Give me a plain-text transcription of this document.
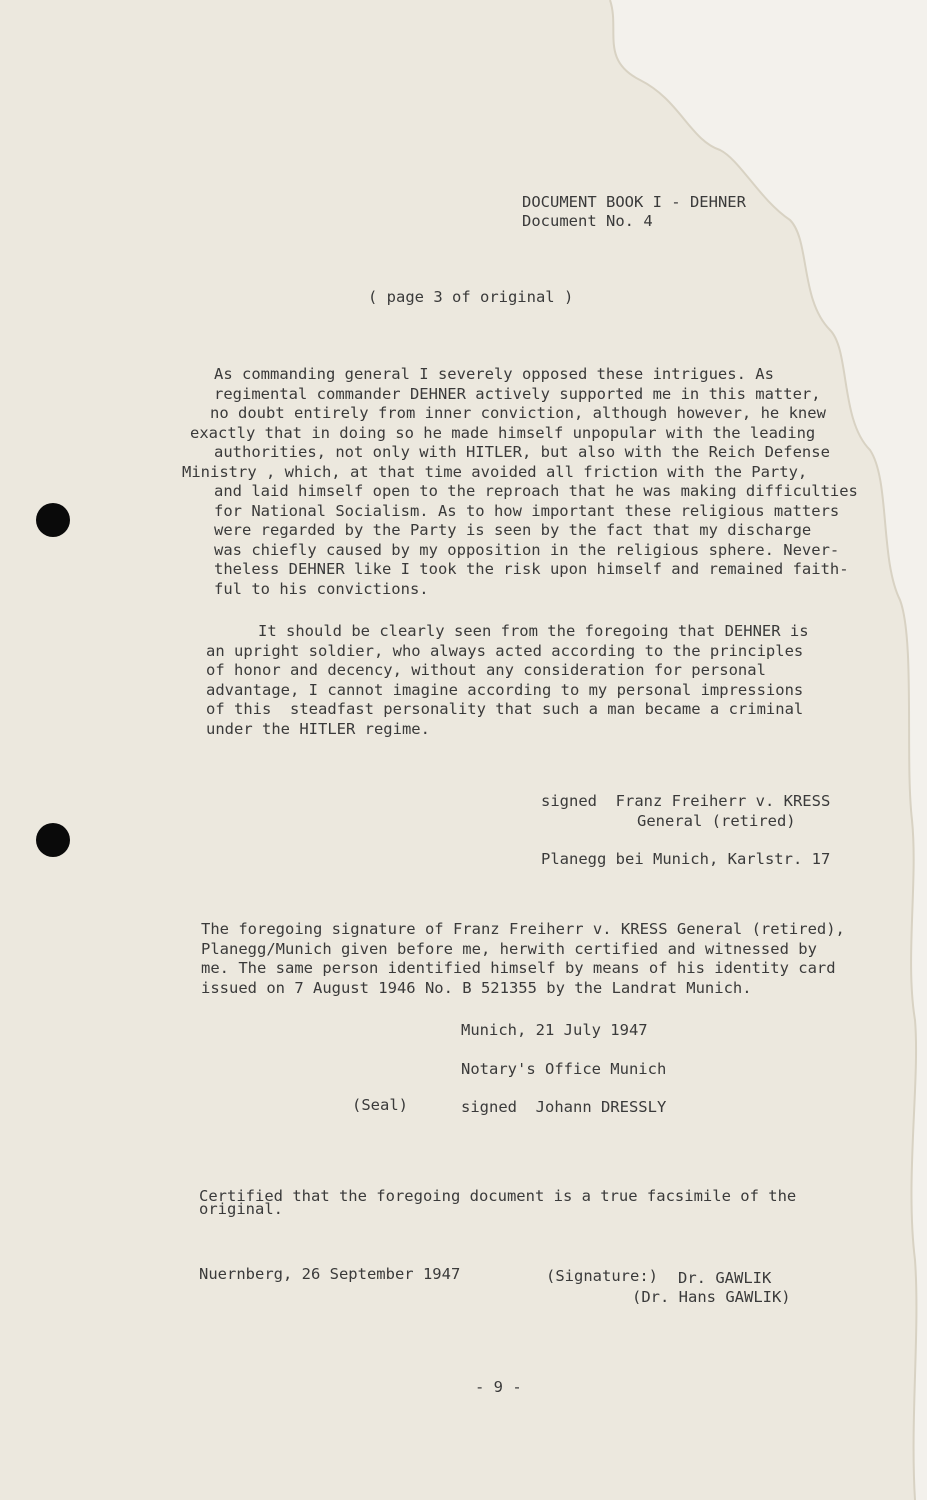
DOCUMENT BOOK I - DEHNER
Document No. 4
( page 3 of original )
As commanding general I severely opposed these intrigues. As
regimental commander DEHNER actively supported me in this matter,
no doubt entirely from inner conviction, although however, he knew
exactly that in doing so he made himself unpopular with the leading
authorities, not only with HITLER, but also with the Reich Defense
Ministry , which, at that time avoided all friction with the Party,
and laid himself open to the reproach that he was making difficulties
for National Socialism. As to how important these religious matters
were regarded by the Party is seen by the fact that my discharge
was chiefly caused by my opposition in the religious sphere. Never-
theless DEHNER like I took the risk upon himself and remained faith-
ful to his convictions.
It should be clearly seen from the foregoing that DEHNER is
an upright soldier, who always acted according to the principles
of honor and decency, without any consideration for personal
advantage, I cannot imagine according to my personal impressions
of this  steadfast personality that such a man became a criminal
under the HITLER regime.
signed  Franz Freiherr v. KRESS
General (retired)
Planegg bei Munich, Karlstr. 17
The foregoing signature of Franz Freiherr v. KRESS General (retired),
Planegg/Munich given before me, herwith certified and witnessed by
me. The same person identified himself by means of his identity card
issued on 7 August 1946 No. B 521355 by the Landrat Munich.
Munich, 21 July 1947
Notary's Office Munich
(Seal)	signed  Johann DRESSLY
Certified that the foregoing document is a true facsimile of the
original.
Nuernberg, 26 September 1947	(Signature:) Dr. GAWLIK
(Dr. Hans GAWLIK)
- 9 -
